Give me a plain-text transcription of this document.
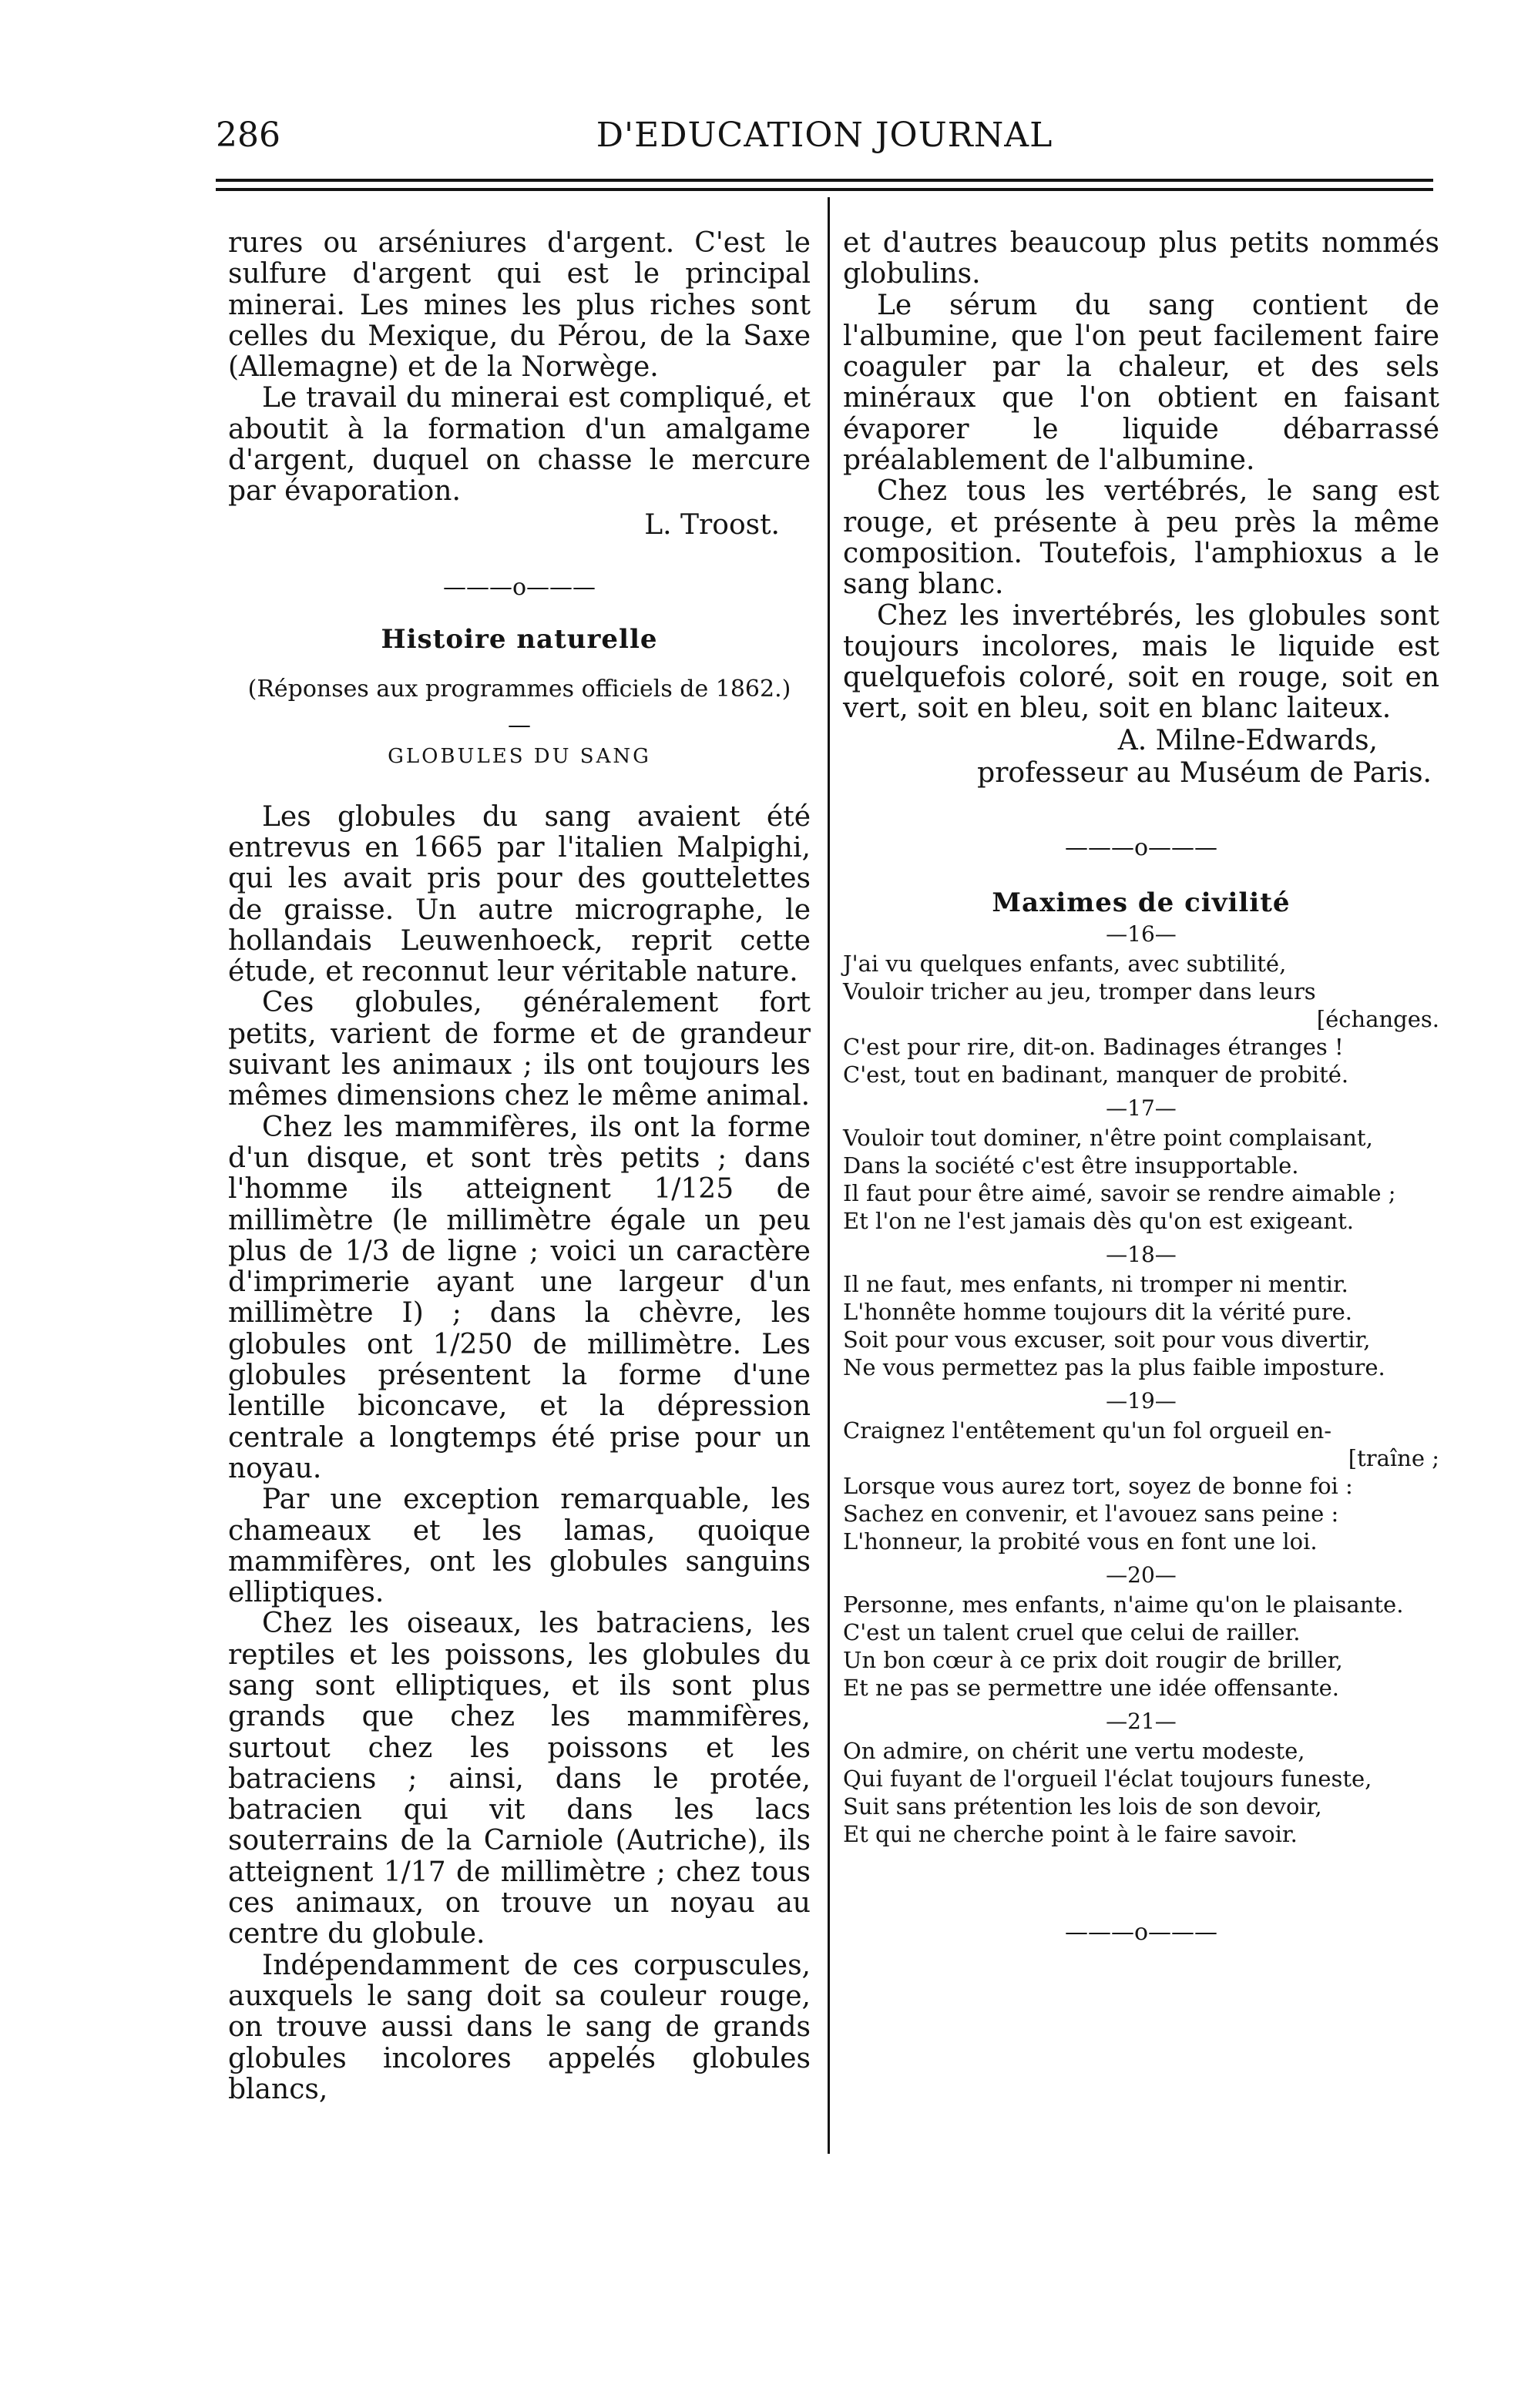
286	D'EDUCATION JOURNAL

rures ou arséniures d'argent. C'est le sulfure d'argent qui est le principal minerai. Les mines les plus riches sont celles du Mexique, du Pérou, de la Saxe (Allemagne) et de la Norwège.

Le travail du minerai est compliqué, et aboutit à la formation d'un amalgame d'argent, duquel on chasse le mercure par évaporation.

L. Troost.

———o———

Histoire naturelle

(Réponses aux programmes officiels de 1862.)

—

GLOBULES DU SANG

Les globules du sang avaient été entrevus en 1665 par l'italien Malpighi, qui les avait pris pour des gouttelettes de graisse. Un autre micrographe, le hollandais Leuwenhoeck, reprit cette étude, et reconnut leur véritable nature.

Ces globules, généralement fort petits, varient de forme et de grandeur suivant les animaux ; ils ont toujours les mêmes dimensions chez le même animal.

Chez les mammifères, ils ont la forme d'un disque, et sont très petits ; dans l'homme ils atteignent 1/125 de millimètre (le millimètre égale un peu plus de 1/3 de ligne ; voici un caractère d'imprimerie ayant une largeur d'un millimètre I) ; dans la chèvre, les globules ont 1/250 de millimètre. Les globules présentent la forme d'une lentille biconcave, et la dépression centrale a longtemps été prise pour un noyau.

Par une exception remarquable, les chameaux et les lamas, quoique mammifères, ont les globules sanguins elliptiques.

Chez les oiseaux, les batraciens, les reptiles et les poissons, les globules du sang sont elliptiques, et ils sont plus grands que chez les mammifères, surtout chez les poissons et les batraciens ; ainsi, dans le protée, batracien qui vit dans les lacs souterrains de la Carniole (Autriche), ils atteignent 1/17 de millimètre ; chez tous ces animaux, on trouve un noyau au centre du globule.

Indépendamment de ces corpuscules, auxquels le sang doit sa couleur rouge, on trouve aussi dans le sang de grands globules incolores appelés globules blancs,

et d'autres beaucoup plus petits nommés globulins.

Le sérum du sang contient de l'albumine, que l'on peut facilement faire coaguler par la chaleur, et des sels minéraux que l'on obtient en faisant évaporer le liquide débarrassé préalablement de l'albumine.

Chez tous les vertébrés, le sang est rouge, et présente à peu près la même composition. Toutefois, l'amphioxus a le sang blanc.

Chez les invertébrés, les globules sont toujours incolores, mais le liquide est quelquefois coloré, soit en rouge, soit en vert, soit en bleu, soit en blanc laiteux.

A. Milne-Edwards,

professeur au Muséum de Paris.

———o———

Maximes de civilité

—16—

J'ai vu quelques enfants, avec subtilité,

Vouloir tricher au jeu, tromper dans leurs

[échanges.

C'est pour rire, dit-on. Badinages étranges !

C'est, tout en badinant, manquer de probité.

—17—

Vouloir tout dominer, n'être point complaisant,

Dans la société c'est être insupportable.

Il faut pour être aimé, savoir se rendre aimable ;

Et l'on ne l'est jamais dès qu'on est exigeant.

—18—

Il ne faut, mes enfants, ni tromper ni mentir.

L'honnête homme toujours dit la vérité pure.

Soit pour vous excuser, soit pour vous divertir,

Ne vous permettez pas la plus faible imposture.

—19—

Craignez l'entêtement qu'un fol orgueil en-

[traîne ;

Lorsque vous aurez tort, soyez de bonne foi :

Sachez en convenir, et l'avouez sans peine :

L'honneur, la probité vous en font une loi.

—20—

Personne, mes enfants, n'aime qu'on le plaisante.

C'est un talent cruel que celui de railler.

Un bon cœur à ce prix doit rougir de briller,

Et ne pas se permettre une idée offensante.

—21—

On admire, on chérit une vertu modeste,

Qui fuyant de l'orgueil l'éclat toujours funeste,

Suit sans prétention les lois de son devoir,

Et qui ne cherche point à le faire savoir.

———o———
